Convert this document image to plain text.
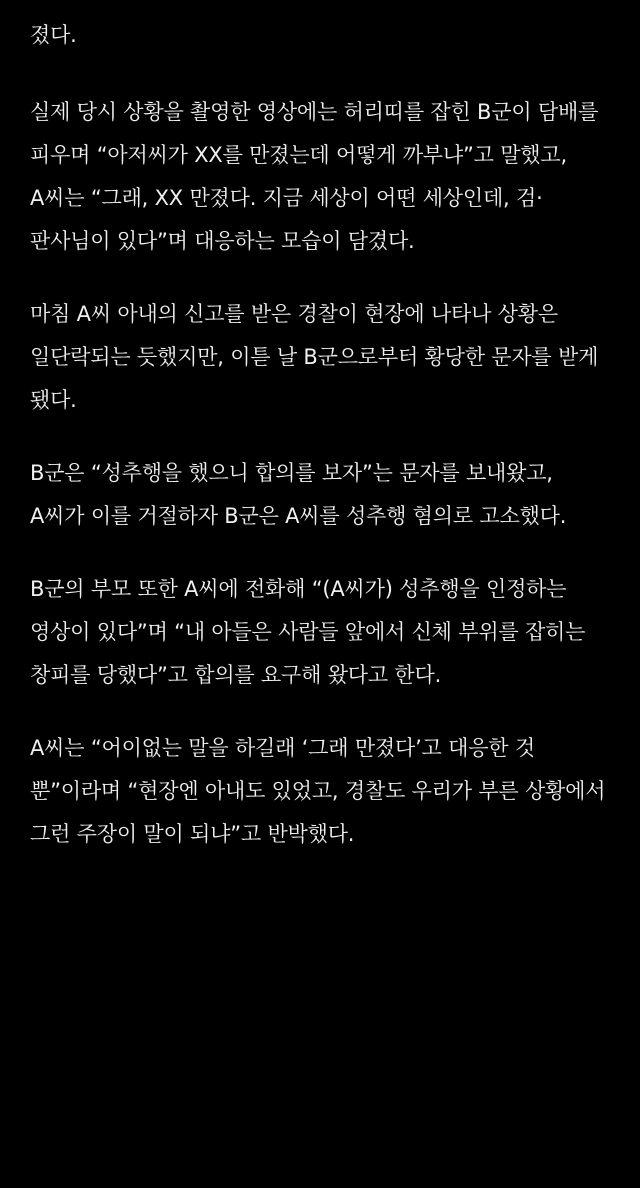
졌다.

실제 당시 상황을 촬영한 영상에는 허리띠를 잡힌 B군이 담배를 피우며 “아저씨가 XX를 만졌는데 어떻게 까부냐”고 말했고, A씨는 “그래, XX 만졌다. 지금 세상이 어떤 세상인데, 검·판사님이 있다”며 대응하는 모습이 담겼다.

마침 A씨 아내의 신고를 받은 경찰이 현장에 나타나 상황은 일단락되는 듯했지만, 이튿 날 B군으로부터 황당한 문자를 받게 됐다.

B군은 “성추행을 했으니 합의를 보자”는 문자를 보내왔고, A씨가 이를 거절하자 B군은 A씨를 성추행 혐의로 고소했다.

B군의 부모 또한 A씨에 전화해 “(A씨가) 성추행을 인정하는 영상이 있다”며 “내 아들은 사람들 앞에서 신체 부위를 잡히는 창피를 당했다”고 합의를 요구해 왔다고 한다.

A씨는 “어이없는 말을 하길래 ‘그래 만졌다’고 대응한 것 뿐”이라며 “현장엔 아내도 있었고, 경찰도 우리가 부른 상황에서 그런 주장이 말이 되냐”고 반박했다.
